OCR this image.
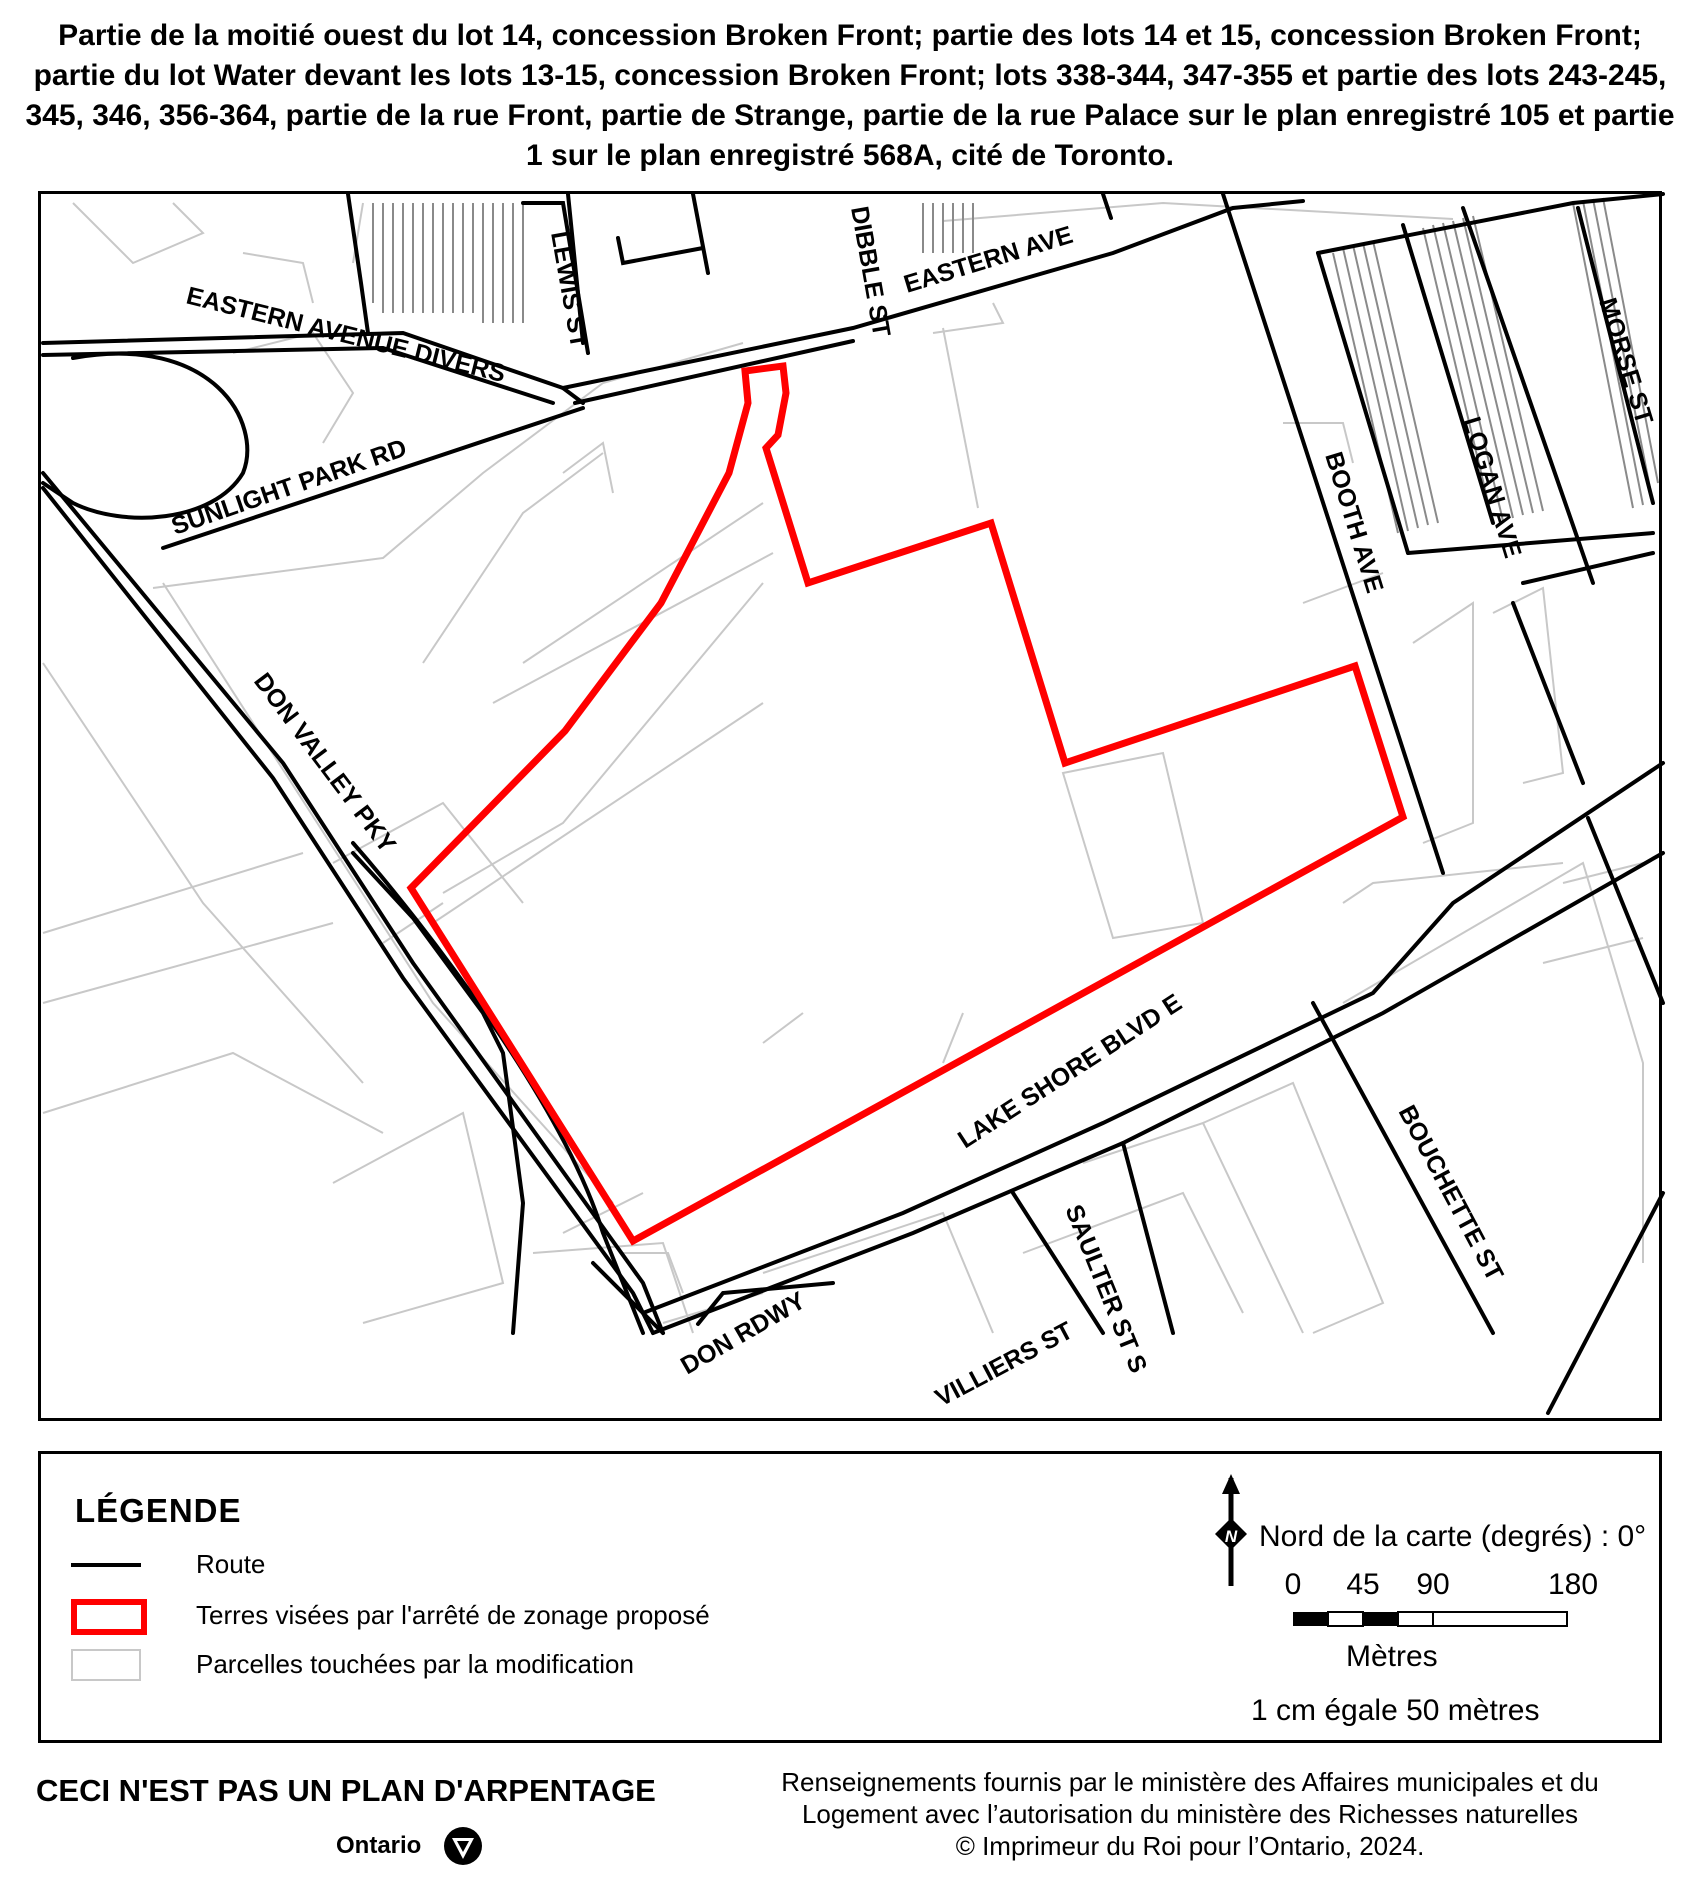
Partie de la moitié ouest du lot 14, concession Broken Front; partie des lots 14 et 15, concession Broken Front; partie du lot Water devant les lots 13-15, concession Broken Front; lots 338-344, 347-355 et partie des lots 243-245, 345, 346, 356-364, partie de la rue Front, partie de Strange, partie de la rue Palace sur le plan enregistré 105 et partie 1 sur le plan enregistré 568A, cité de Toronto.
EASTERN AVENUE DIVERS LEWIS ST	DIBBLE ST EASTERN AVE
SUNLIGHT PARK RD
MORSE ST
LOGAN AVE
BOOTH AVE
DON VALLEY PKY
LAKE SHORE BLVD E
BOUCHETTE ST
SAULTER ST S
VILLIERS ST
DON RDWY
LÉGENDE
Route
Terres visées par l'arrêté de zonage proposé
Parcelles touchées par la modification
N Nord de la carte (degrés) : 0°
0 45 90	180
Mètres
1 cm égale 50 mètres
CECI N'EST PAS UN PLAN D'ARPENTAGE
Ontario
Renseignements fournis par le ministère des Affaires municipales et du
Logement avec l’autorisation du ministère des Richesses naturelles
© Imprimeur du Roi pour l’Ontario, 2024.
